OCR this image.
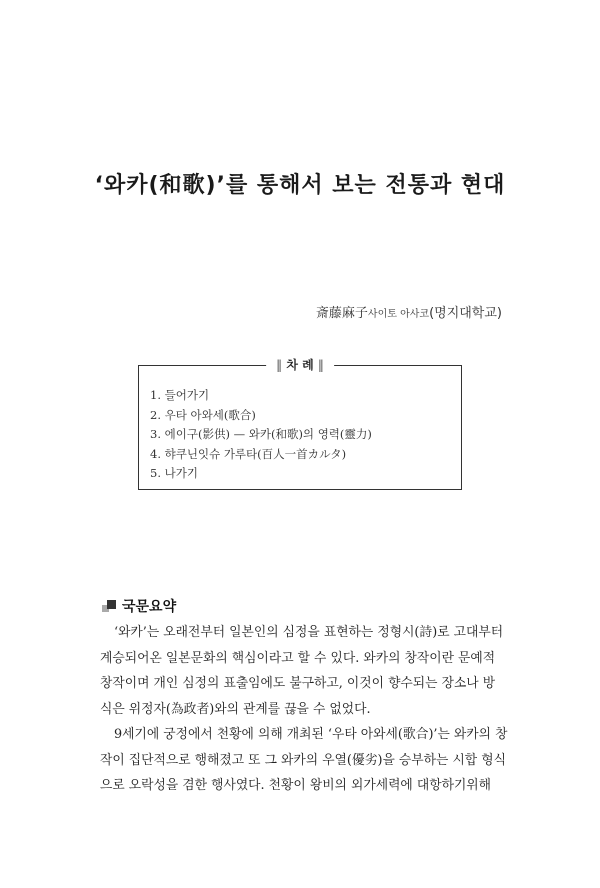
‘와카(和歌)’를 통해서 보는 전통과 현대
斎藤麻子사이토 아사코(명지대학교)
‖ 차 례 ‖
1. 들어가기
2. 우타 아와세(歌合)
3. 에이구(影供) — 와카(和歌)의 영력(靈力)
4. 햐쿠닌잇슈 가루타(百人一首カルタ)
5. 나가기
국문요약

‘와카’는 오래전부터 일본인의 심정을 표현하는 정형시(詩)로 고대부터
계승되어온 일본문화의 핵심이라고 할 수 있다. 와카의 창작이란 문예적
창작이며 개인 심정의 표출임에도 불구하고, 이것이 향수되는 장소나 방
식은 위정자(為政者)와의 관계를 끊을 수 없었다.

9세기에 궁정에서 천황에 의해 개최된 ‘우타 아와세(歌合)’는 와카의 창
작이 집단적으로 행해졌고 또 그 와카의 우열(優劣)을 승부하는 시합 형식
으로 오락성을 겸한 행사였다. 천황이 왕비의 외가세력에 대항하기위해
